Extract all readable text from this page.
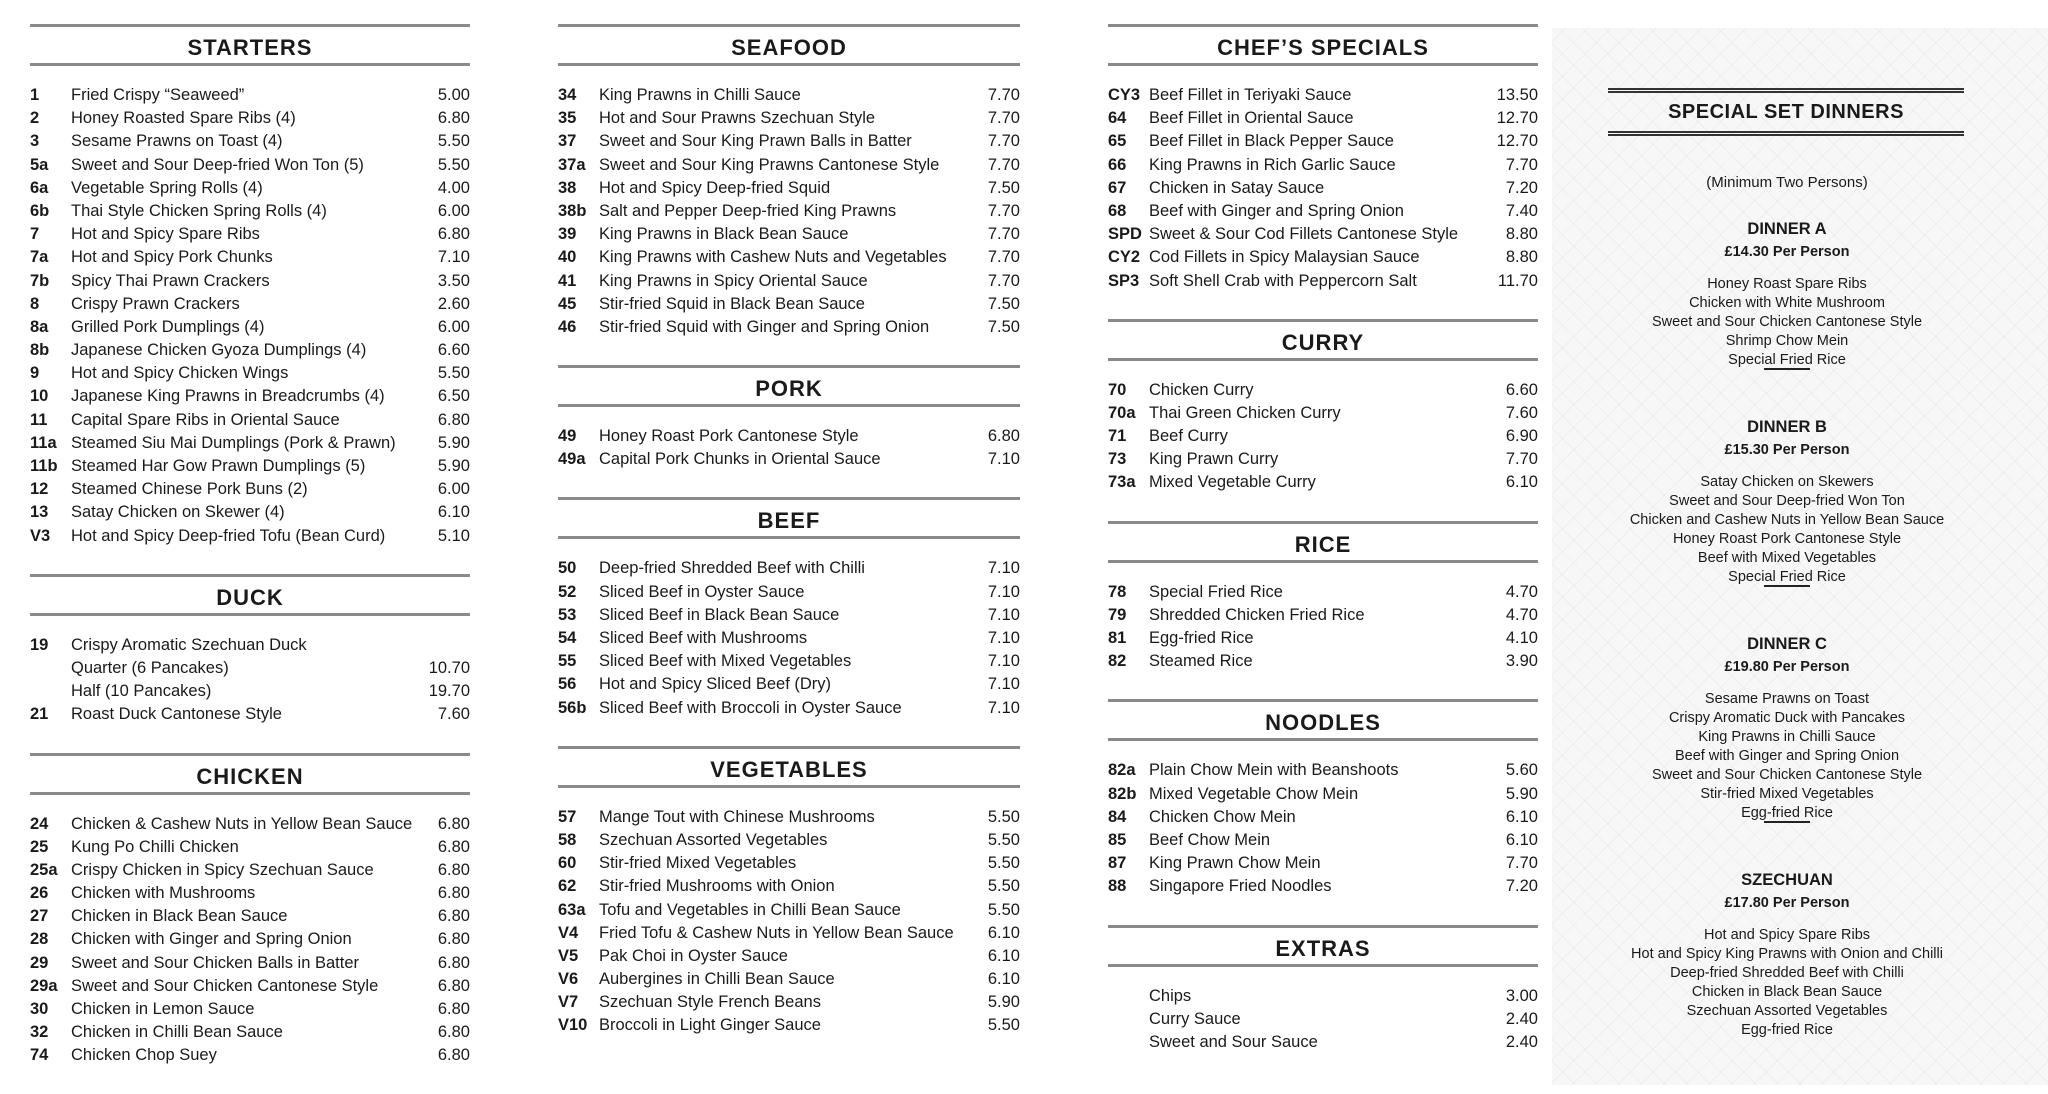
STARTERS
1	Fried Crispy “Seaweed”	5.00
2	Honey Roasted Spare Ribs (4)	6.80
3	Sesame Prawns on Toast (4)	5.50
5a	Sweet and Sour Deep-fried Won Ton (5)	5.50
6a	Vegetable Spring Rolls (4)	4.00
6b	Thai Style Chicken Spring Rolls (4)	6.00
7	Hot and Spicy Spare Ribs	6.80
7a	Hot and Spicy Pork Chunks	7.10
7b	Spicy Thai Prawn Crackers	3.50
8	Crispy Prawn Crackers	2.60
8a	Grilled Pork Dumplings (4)	6.00
8b	Japanese Chicken Gyoza Dumplings (4)	6.60
9	Hot and Spicy Chicken Wings	5.50
10	Japanese King Prawns in Breadcrumbs (4)	6.50
11	Capital Spare Ribs in Oriental Sauce	6.80
11a Steamed Siu Mai Dumplings (Pork & Prawn)	5.90
11b Steamed Har Gow Prawn Dumplings (5)	5.90
12	Steamed Chinese Pork Buns (2)	6.00
13	Satay Chicken on Skewer (4)	6.10
V3	Hot and Spicy Deep-fried Tofu (Bean Curd)	5.10
DUCK
19	Crispy Aromatic Szechuan Duck
Quarter (6 Pancakes)	10.70
Half (10 Pancakes)	19.70
21	Roast Duck Cantonese Style	7.60
CHICKEN
24	Chicken & Cashew Nuts in Yellow Bean Sauce	6.80
25	Kung Po Chilli Chicken	6.80
25a Crispy Chicken in Spicy Szechuan Sauce	6.80
26	Chicken with Mushrooms	6.80
27	Chicken in Black Bean Sauce	6.80
28	Chicken with Ginger and Spring Onion	6.80
29	Sweet and Sour Chicken Balls in Batter	6.80
29a Sweet and Sour Chicken Cantonese Style	6.80
30	Chicken in Lemon Sauce	6.80
32	Chicken in Chilli Bean Sauce	6.80
74	Chicken Chop Suey	6.80
SEAFOOD
34	King Prawns in Chilli Sauce	7.70
35	Hot and Sour Prawns Szechuan Style	7.70
37	Sweet and Sour King Prawn Balls in Batter	7.70
37a Sweet and Sour King Prawns Cantonese Style	7.70
38	Hot and Spicy Deep-fried Squid	7.50
38b Salt and Pepper Deep-fried King Prawns	7.70
39	King Prawns in Black Bean Sauce	7.70
40	King Prawns with Cashew Nuts and Vegetables	7.70
41	King Prawns in Spicy Oriental Sauce	7.70
45	Stir-fried Squid in Black Bean Sauce	7.50
46	Stir-fried Squid with Ginger and Spring Onion	7.50
PORK
49	Honey Roast Pork Cantonese Style	6.80
49a Capital Pork Chunks in Oriental Sauce	7.10
BEEF
50	Deep-fried Shredded Beef with Chilli	7.10
52	Sliced Beef in Oyster Sauce	7.10
53	Sliced Beef in Black Bean Sauce	7.10
54	Sliced Beef with Mushrooms	7.10
55	Sliced Beef with Mixed Vegetables	7.10
56	Hot and Spicy Sliced Beef (Dry)	7.10
56b Sliced Beef with Broccoli in Oyster Sauce	7.10
VEGETABLES
57	Mange Tout with Chinese Mushrooms	5.50
58	Szechuan Assorted Vegetables	5.50
60	Stir-fried Mixed Vegetables	5.50
62	Stir-fried Mushrooms with Onion	5.50
63a Tofu and Vegetables in Chilli Bean Sauce	5.50
V4	Fried Tofu & Cashew Nuts in Yellow Bean Sauce	6.10
V5	Pak Choi in Oyster Sauce	6.10
V6	Aubergines in Chilli Bean Sauce	6.10
V7	Szechuan Style French Beans	5.90
V10 Broccoli in Light Ginger Sauce	5.50
CHEF’S SPECIALS
CY3 Beef Fillet in Teriyaki Sauce	13.50
64	Beef Fillet in Oriental Sauce	12.70
65	Beef Fillet in Black Pepper Sauce	12.70
66	King Prawns in Rich Garlic Sauce	7.70
67	Chicken in Satay Sauce	7.20
68	Beef with Ginger and Spring Onion	7.40
SPD Sweet & Sour Cod Fillets Cantonese Style	8.80
CY2 Cod Fillets in Spicy Malaysian Sauce	8.80
SP3 Soft Shell Crab with Peppercorn Salt	11.70
CURRY
70	Chicken Curry	6.60
70a Thai Green Chicken Curry	7.60
71	Beef Curry	6.90
73	King Prawn Curry	7.70
73a Mixed Vegetable Curry	6.10
RICE
78	Special Fried Rice	4.70
79	Shredded Chicken Fried Rice	4.70
81	Egg-fried Rice	4.10
82	Steamed Rice	3.90
NOODLES
82a Plain Chow Mein with Beanshoots	5.60
82b Mixed Vegetable Chow Mein	5.90
84	Chicken Chow Mein	6.10
85	Beef Chow Mein	6.10
87	King Prawn Chow Mein	7.70
88	Singapore Fried Noodles	7.20
EXTRAS
Chips	3.00
Curry Sauce	2.40
Sweet and Sour Sauce	2.40
SPECIAL SET DINNERS
(Minimum Two Persons)
DINNER A
£14.30 Per Person
Honey Roast Spare Ribs
Chicken with White Mushroom
Sweet and Sour Chicken Cantonese Style
Shrimp Chow Mein
Special Fried Rice
DINNER B
£15.30 Per Person
Satay Chicken on Skewers
Sweet and Sour Deep-fried Won Ton
Chicken and Cashew Nuts in Yellow Bean Sauce
Honey Roast Pork Cantonese Style
Beef with Mixed Vegetables
Special Fried Rice
DINNER C
£19.80 Per Person
Sesame Prawns on Toast
Crispy Aromatic Duck with Pancakes
King Prawns in Chilli Sauce
Beef with Ginger and Spring Onion
Sweet and Sour Chicken Cantonese Style
Stir-fried Mixed Vegetables
Egg-fried Rice
SZECHUAN
£17.80 Per Person
Hot and Spicy Spare Ribs
Hot and Spicy King Prawns with Onion and Chilli
Deep-fried Shredded Beef with Chilli
Chicken in Black Bean Sauce
Szechuan Assorted Vegetables
Egg-fried Rice
